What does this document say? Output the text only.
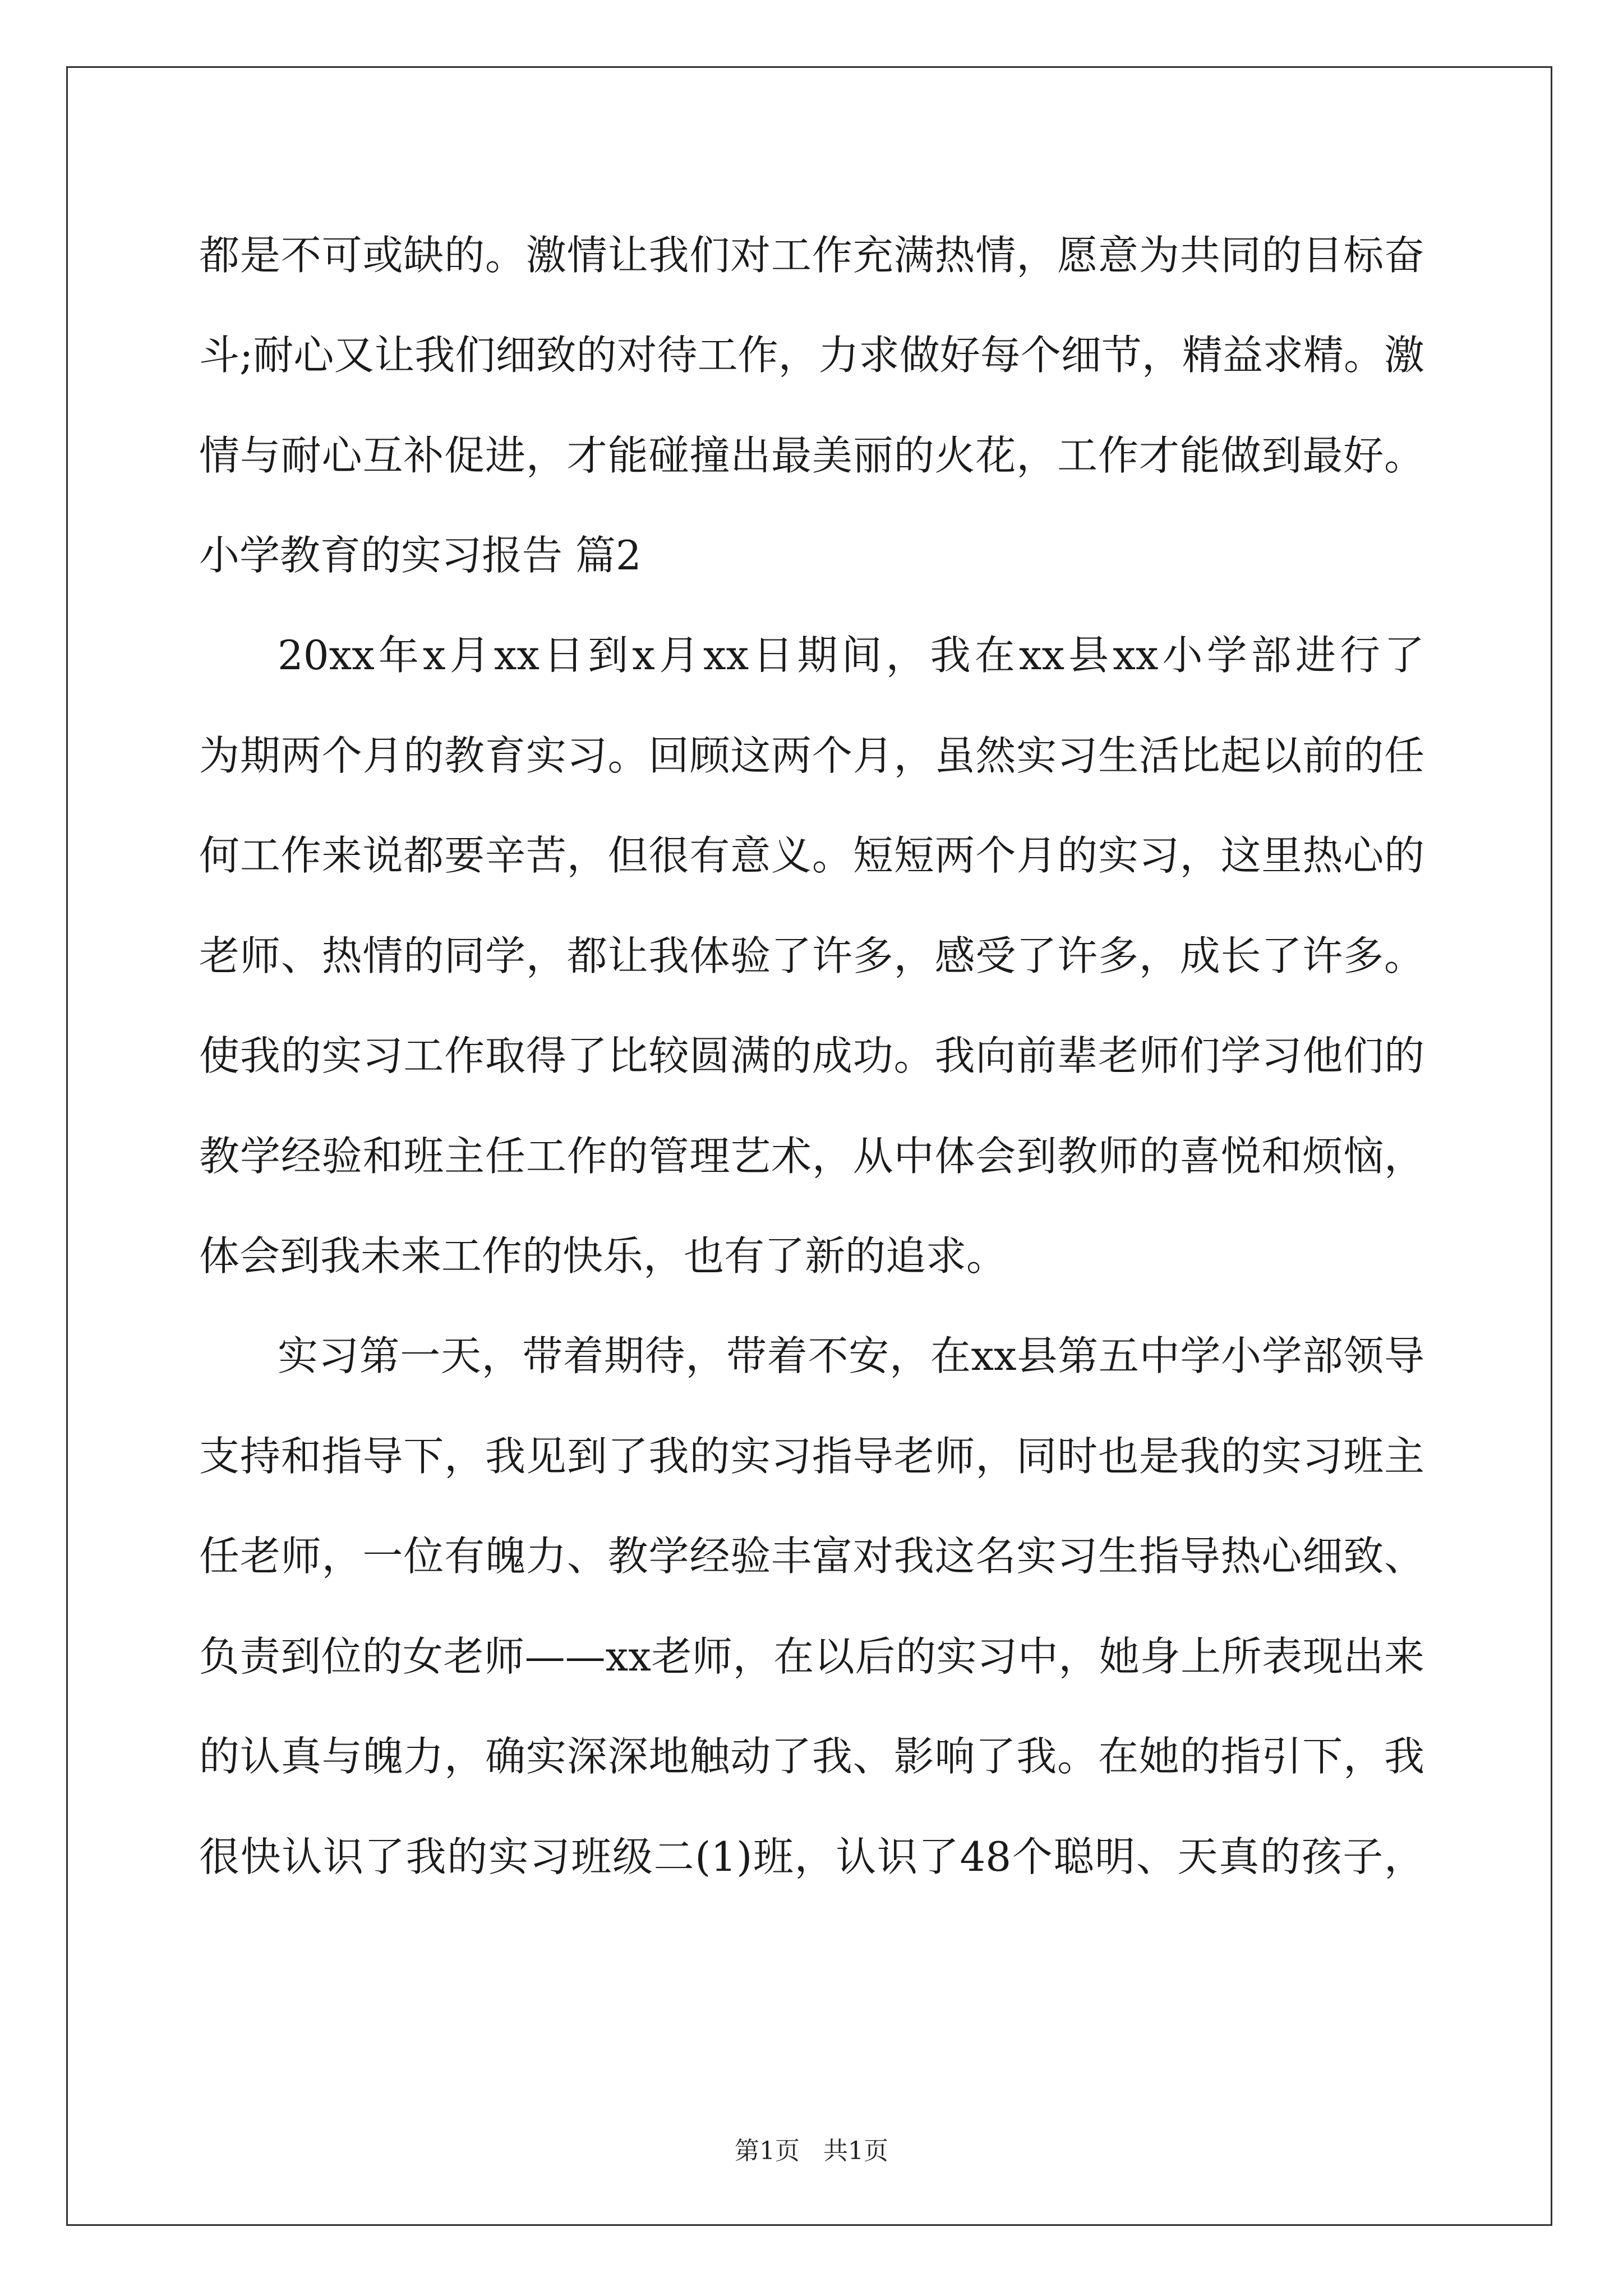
都是不可或缺的。激情让我们对工作充满热情，愿意为共同的目标奋
斗;耐心又让我们细致的对待工作，力求做好每个细节，精益求精。激
情与耐心互补促进，才能碰撞出最美丽的火花，工作才能做到最好。
小学教育的实习报告 篇2
20xx年x月xx日到x月xx日期间，我在xx县xx小学部进行了
为期两个月的教育实习。回顾这两个月，虽然实习生活比起以前的任
何工作来说都要辛苦，但很有意义。短短两个月的实习，这里热心的
老师、热情的同学，都让我体验了许多，感受了许多，成长了许多。
使我的实习工作取得了比较圆满的成功。我向前辈老师们学习他们的
教学经验和班主任工作的管理艺术，从中体会到教师的喜悦和烦恼，
体会到我未来工作的快乐，也有了新的追求。
实习第一天，带着期待，带着不安，在xx县第五中学小学部领导
支持和指导下，我见到了我的实习指导老师，同时也是我的实习班主
任老师，一位有魄力、教学经验丰富对我这名实习生指导热心细致、
负责到位的女老师——xx老师，在以后的实习中，她身上所表现出来
的认真与魄力，确实深深地触动了我、影响了我。在她的指引下，我
很快认识了我的实习班级二(1)班，认识了48个聪明、天真的孩子，
第1页   共1页
